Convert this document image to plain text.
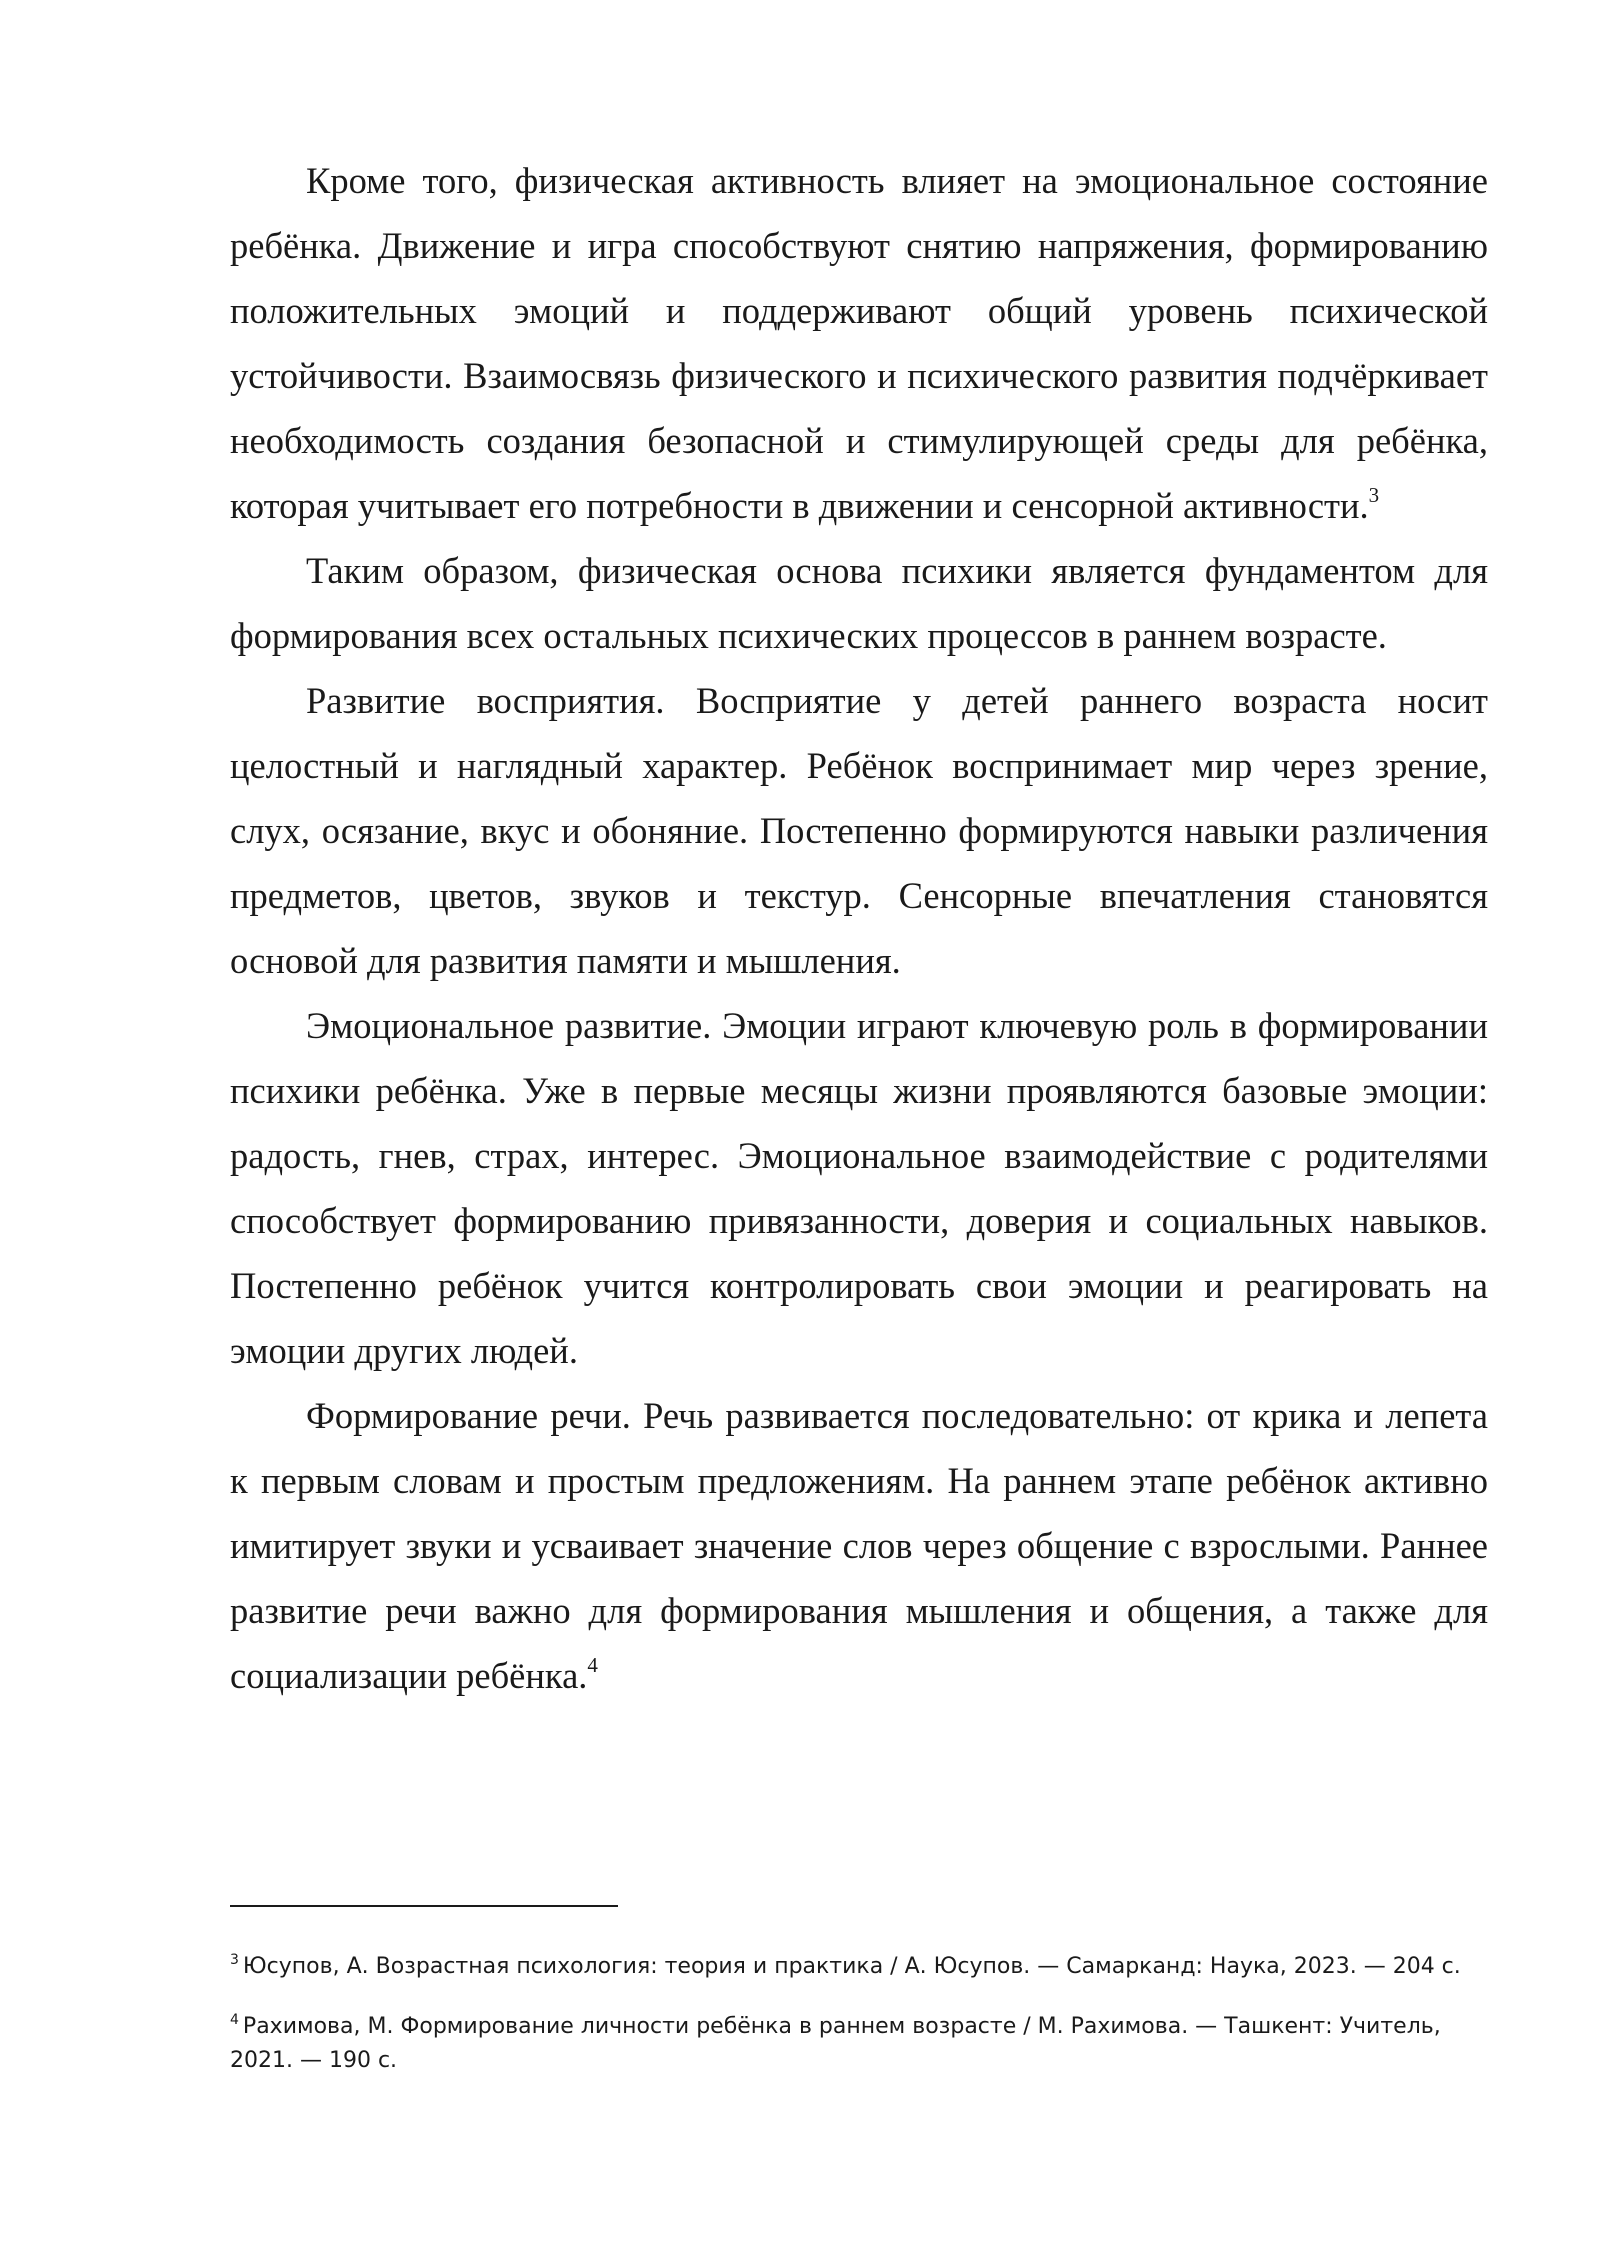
Кроме того, физическая активность влияет на эмоциональное состояние ребёнка. Движение и игра способствуют снятию напряжения, формированию положительных эмоций и поддерживают общий уровень психической устойчивости. Взаимосвязь физического и психического развития подчёркивает необходимость создания безопасной и стимулирующей среды для ребёнка, которая учитывает его потребности в движении и сенсорной активности.$^3$

Таким образом, физическая основа психики является фундаментом для формирования всех остальных психических процессов в раннем возрасте.

Развитие восприятия. Восприятие у детей раннего возраста носит целостный и наглядный характер. Ребёнок воспринимает мир через зрение, слух, осязание, вкус и обоняние. Постепенно формируются навыки различения предметов, цветов, звуков и текстур. Сенсорные впечатления становятся основой для развития памяти и мышления.

Эмоциональное развитие. Эмоции играют ключевую роль в формировании психики ребёнка. Уже в первые месяцы жизни проявляются базовые эмоции: радость, гнев, страх, интерес. Эмоциональное взаимодействие с родителями способствует формированию привязанности, доверия и социальных навыков. Постепенно ребёнок учится контролировать свои эмоции и реагировать на эмоции других людей.

Формирование речи. Речь развивается последовательно: от крика и лепета к первым словам и простым предложениям. На раннем этапе ребёнок активно имитирует звуки и усваивает значение слов через общение с взрослыми. Раннее развитие речи важно для формирования мышления и общения, а также для социализации ребёнка.$^4$

$^3$ Юсупов, А. Возрастная психология: теория и практика / А. Юсупов. — Самарканд: Наука, 2023. — 204 с.

$^4$ Рахимова, М. Формирование личности ребёнка в раннем возрасте / М. Рахимова. — Ташкент: Учитель, 2021. — 190 с.
